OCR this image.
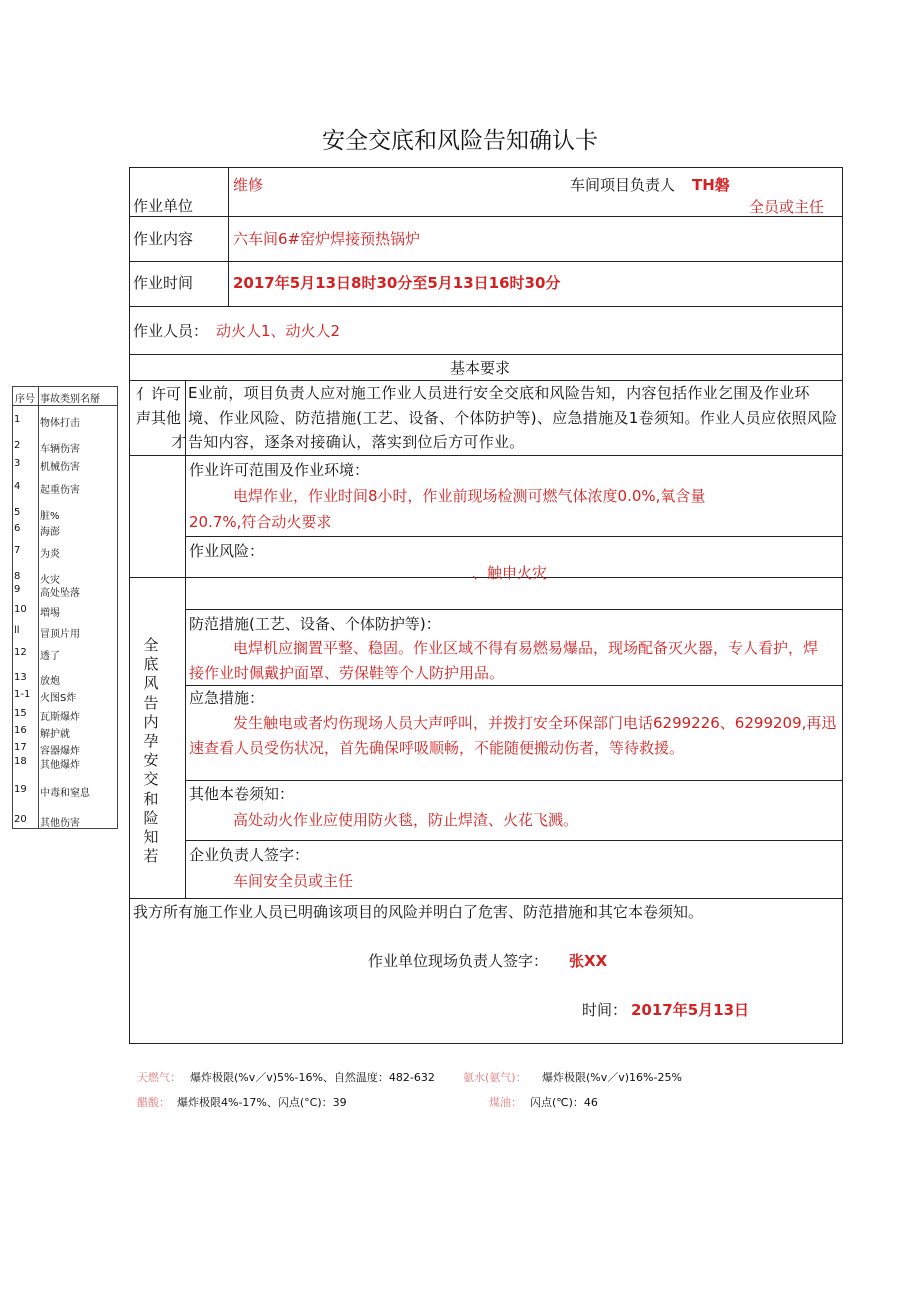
安全交底和风险告知确认卡
作业单位
维修	车间项目负责人 TH磐
全员或主任
作业内容	六车间6#窑炉焊接预热锅炉
作业时间	2017年5月13日8时30分至5月13日16时30分
作业人员： 动火人1、动火人2
基本要求
亻许可
声其他
才
E业前，项目负责人应对施工作业人员进行安全交底和风险告知，内容包括作业乞围及作业环境、作业风险、防范措施(工艺、设备、个体防护等)、应急措施及1卷须知。作业人员应依照风险告知内容，逐条对接确认，落实到位后方可作业。
全底风告内孕安交和险知若
作业许可范围及作业环境：
电焊作业，作业时间8小时，作业前现场检测可燃气体浓度0.0%,氧含量
20.7%,符合动火要求
作业风险：
、触申火灾
防范措施(工艺、设备、个体防护等)：
电焊机应搁置平整、稳固。作业区域不得有易燃易爆品，现场配备灭火器，专人看护，焊接作业时佩戴护面罩、劳保鞋等个人防护用品。
应急措施：
发生触电或者灼伤现场人员大声呼叫，并拨打安全环保部门电话6299226、6299209,再迅速查看人员受伤状况，首先确保呼吸顺畅，不能随便搬动伤者，等待救援。
其他本卷须知：
高处动火作业应使用防火毯，防止焊渣、火花飞溅。
企业负责人签字：
车间安全员或主任
我方所有施工作业人员已明确该项目的风险并明白了危害、防范措施和其它本卷须知。
作业单位现场负责人签字： 张XX
时间： 2017年5月13日
序号 事故类别名掰
1 物体打击
2 车辆伤害
3 机械伤害
4 起重伤害
5 脏%
6 海澎
7 为炎
8 火灾
9 高处坠落
10 増埸
ll 冒顶片用
12 透了
13 放炮
1-1 火图S炸
15 瓦斯爆炸
16 解护就
17 容器爆炸
18 其他爆炸
19 中毒和窒息
20 其他伤害
天燃气： 爆炸极限(%v／v)5%-16%、自然温度：482-632	氨水(氨气)： 爆炸极限(%v／v)16%-25%
醋酸： 爆炸极限4%-17%、闪点(°C)：39	煤油： 闪点(℃)：46
